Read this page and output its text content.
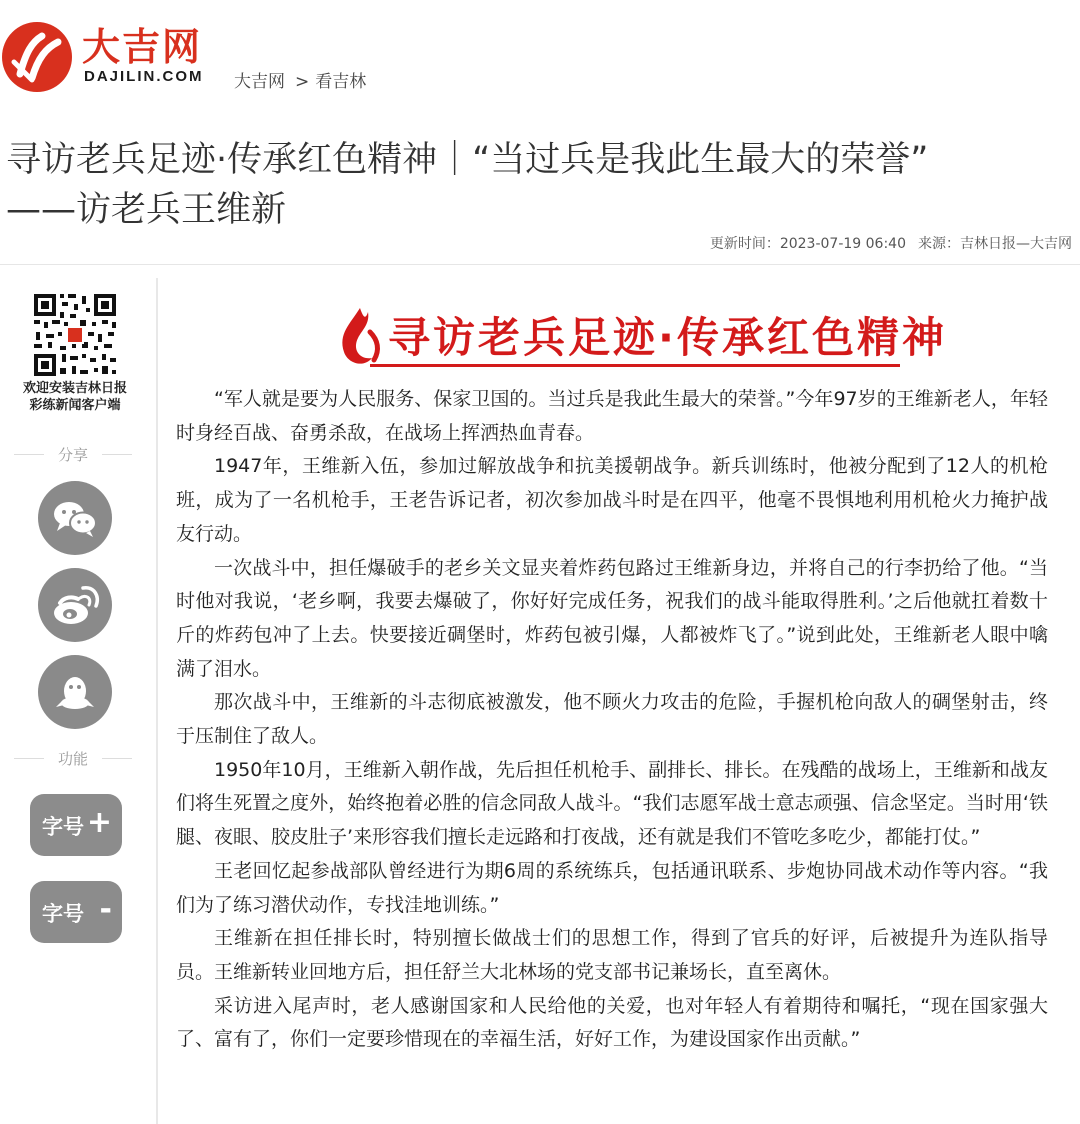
大吉网
DAJILIN.COM 大吉网 > 看吉林
寻访老兵足迹·传承红色精神｜“当过兵是我此生最大的荣誉”
——访老兵王维新
更新时间：2023-07-19 06:40 来源：吉林日报—大吉网
欢迎安装吉林日报
彩练新闻客户端
分享
功能
字号 +
字号 -
寻访老兵足迹·传承红色精神

“军人就是要为人民服务、保家卫国的。当过兵是我此生最大的荣誉。”今年97岁的王维新老人，年轻时身经百战、奋勇杀敌，在战场上挥洒热血青春。

1947年，王维新入伍，参加过解放战争和抗美援朝战争。新兵训练时，他被分配到了12人的机枪班，成为了一名机枪手，王老告诉记者，初次参加战斗时是在四平，他毫不畏惧地利用机枪火力掩护战友行动。

一次战斗中，担任爆破手的老乡关文显夹着炸药包路过王维新身边，并将自己的行李扔给了他。“当时他对我说，‘老乡啊，我要去爆破了，你好好完成任务，祝我们的战斗能取得胜利。’之后他就扛着数十斤的炸药包冲了上去。快要接近碉堡时，炸药包被引爆，人都被炸飞了。”说到此处，王维新老人眼中噙满了泪水。

那次战斗中，王维新的斗志彻底被激发，他不顾火力攻击的危险，手握机枪向敌人的碉堡射击，终于压制住了敌人。

1950年10月，王维新入朝作战，先后担任机枪手、副排长、排长。在残酷的战场上，王维新和战友们将生死置之度外，始终抱着必胜的信念同敌人战斗。“我们志愿军战士意志顽强、信念坚定。当时用‘铁腿、夜眼、胶皮肚子’来形容我们擅长走远路和打夜战，还有就是我们不管吃多吃少，都能打仗。”

王老回忆起参战部队曾经进行为期6周的系统练兵，包括通讯联系、步炮协同战术动作等内容。“我们为了练习潜伏动作，专找洼地训练。”

王维新在担任排长时，特别擅长做战士们的思想工作，得到了官兵的好评，后被提升为连队指导员。王维新转业回地方后，担任舒兰大北林场的党支部书记兼场长，直至离休。

采访进入尾声时，老人感谢国家和人民给他的关爱，也对年轻人有着期待和嘱托，“现在国家强大了、富有了，你们一定要珍惜现在的幸福生活，好好工作，为建设国家作出贡献。”
